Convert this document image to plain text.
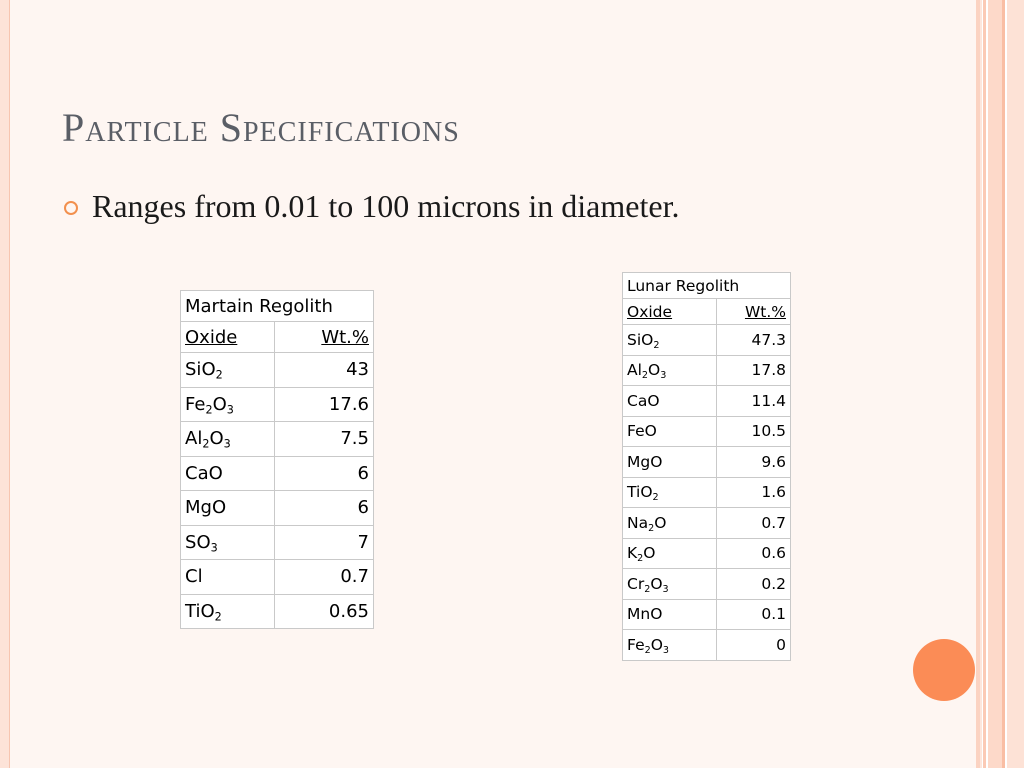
Particle Specifications
Ranges from 0.01 to 100 microns in diameter.
Martain Regolith	
Oxide	Wt.%
SiO$_2$	43
$Fe_2O_3$	17.6
$Al_2O_3$	7.5
CaO	6
MgO	6
$SO_3$	7
Cl	0.7
TiO$_2$	0.65
Lunar Regolith	
Oxide	Wt.%
SiO$_2$	47.3
$Al_2O_3$	17.8
CaO	11.4
FeO	10.5
MgO	9.6
TiO$_2$	1.6
$Na_2O$	0.7
$K_2O$	0.6
$Cr_2O_3$	0.2
MnO	0.1
$Fe_2O_3$	0
